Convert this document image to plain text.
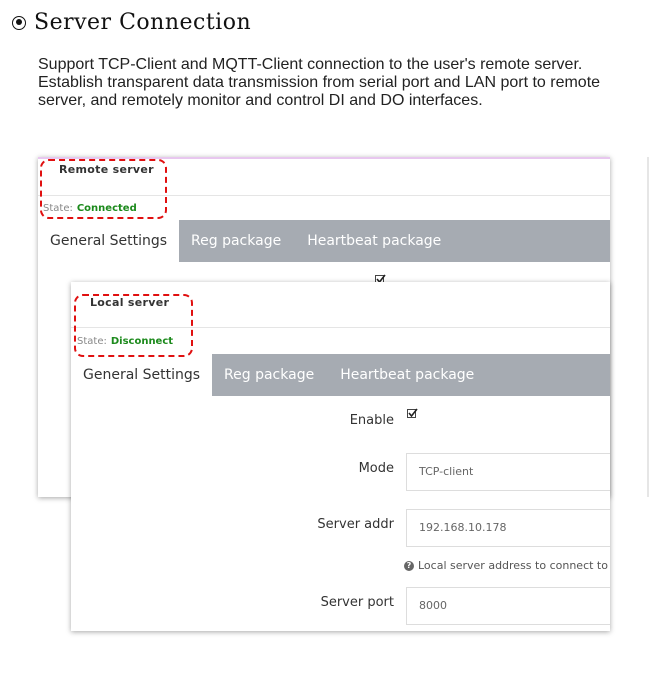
Server Connection
Support TCP-Client and MQTT-Client connection to the user's remote server. Establish transparent data transmission from serial port and LAN port to remote server, and remotely monitor and control DI and DO interfaces.
Remote server
State: Connected
General Settings	Reg package	Heartbeat package
Local server
State: Disconnect
General Settings	Reg package	Heartbeat package
Enable
Mode	TCP-client
Server addr	192.168.10.178
? Local server address to connect to
Server port	8000
